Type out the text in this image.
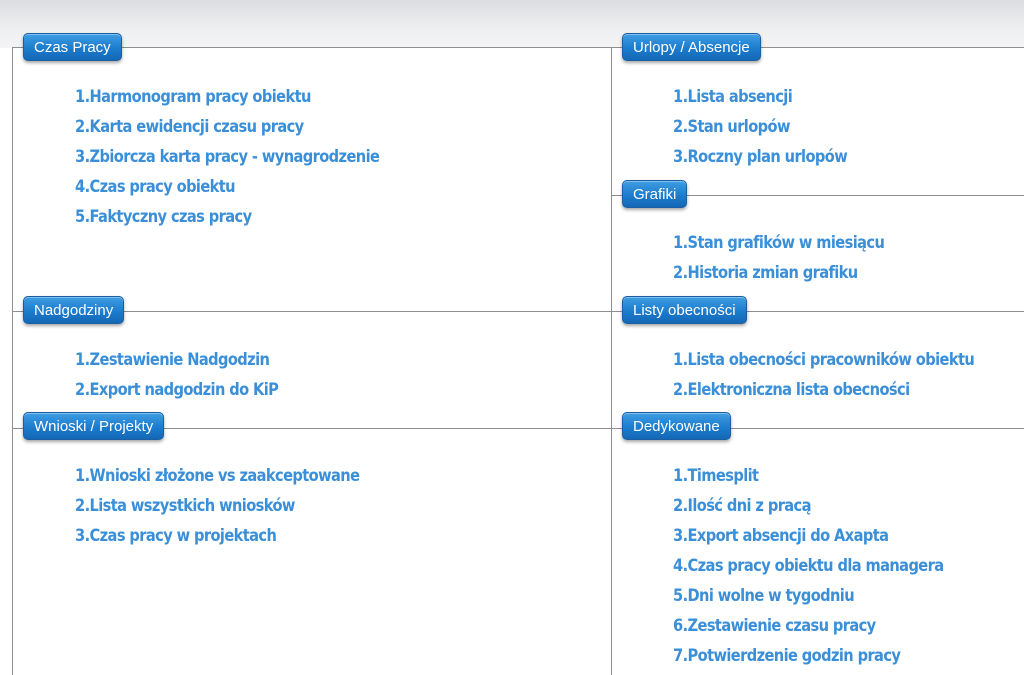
Czas Pracy
1.Harmonogram pracy obiektu
2.Karta ewidencji czasu pracy
3.Zbiorcza karta pracy - wynagrodzenie
4.Czas pracy obiektu
5.Faktyczny czas pracy
Nadgodziny
1.Zestawienie Nadgodzin
2.Export nadgodzin do KiP
Wnioski / Projekty
1.Wnioski złożone vs zaakceptowane
2.Lista wszystkich wniosków
3.Czas pracy w projektach
Urlopy / Absencje
1.Lista absencji
2.Stan urlopów
3.Roczny plan urlopów
Grafiki
1.Stan grafików w miesiącu
2.Historia zmian grafiku
Listy obecności
1.Lista obecności pracowników obiektu
2.Elektroniczna lista obecności
Dedykowane
1.Timesplit
2.Ilość dni z pracą
3.Export absencji do Axapta
4.Czas pracy obiektu dla managera
5.Dni wolne w tygodniu
6.Zestawienie czasu pracy
7.Potwierdzenie godzin pracy
